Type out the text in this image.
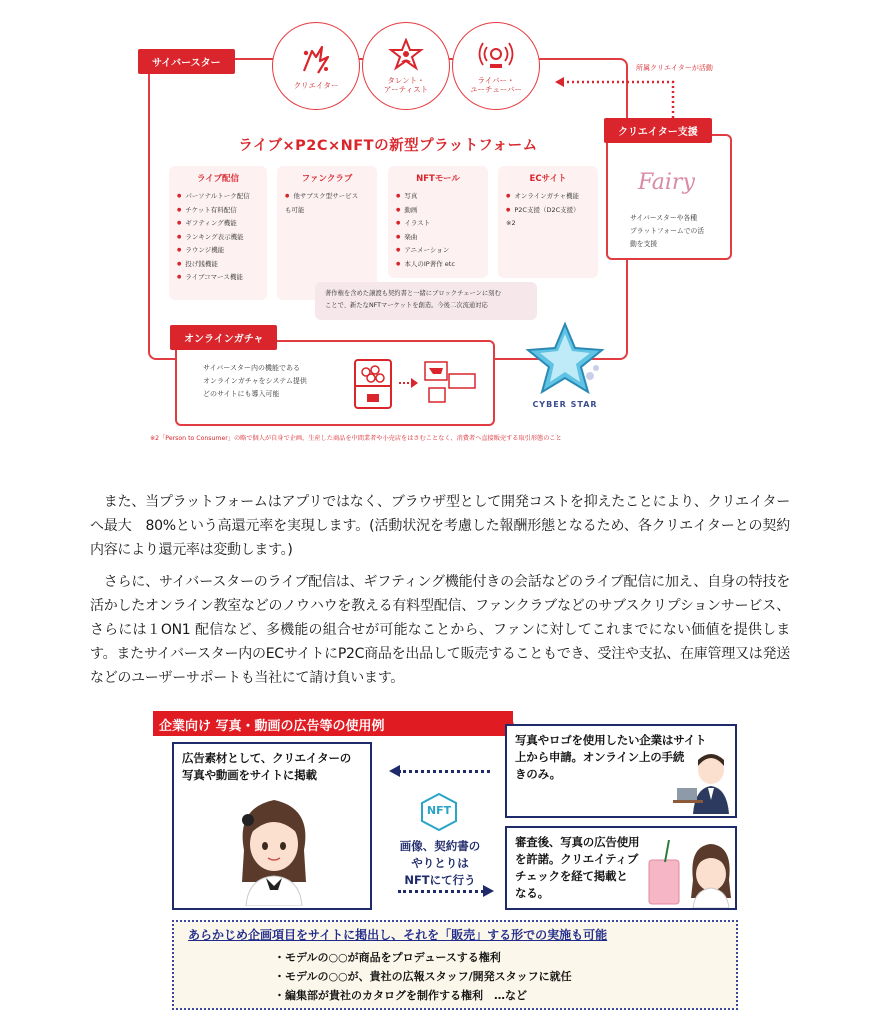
サイバースター
クリエイター	タレント・
アーティスト
ライバー・
ユーチューバー
所属クリエイターが活動
ライブ×P2C×NFTの新型プラットフォーム
ライブ配信
● パーソナルトーク配信
● チケット有料配信
● ギフティング機能
● ランキング表示機能
● ラウンジ機能
● 投げ銭機能
● ライブコマース機能
ファンクラブ
● 他サブスク型サービス
も可能
NFTモール
● 写真
● 動画
● イラスト
● 楽曲
● アニメーション
● 本人のIP著作 etc
ECサイト
● オンラインガチャ機能
● P2C支援（D2C支援）
※2
著作権を含めた譲渡も契約書と一緒にブロックチェーンに刻む
ことで、新たなNFTマーケットを創造。今後二次流通対応
Fairy
サイバースターや各種
プラットフォームでの活
動を支援
クリエイター支援
サイバースター内の機能である
オンラインガチャをシステム提供
どのサイトにも導入可能
オンラインガチャ
CYBER STAR
※2「Person to Consumer」の略で個人が自身で企画、生産した商品を中間業者や小売店をはさむことなく、消費者へ直接販売する取引形態のこと
　また、当プラットフォームはアプリではなく、ブラウザ型として開発コストを抑えたことにより、クリエイターへ最大　80%という高還元率を実現します。(活動状況を考慮した報酬形態となるため、各クリエイターとの契約内容により還元率は変動します。)
　さらに、サイバースターのライブ配信は、ギフティング機能付きの会話などのライブ配信に加え、自身の特技を活かしたオンライン教室などのノウハウを教える有料型配信、ファンクラブなどのサブスクリプションサービス、さらには１ON1 配信など、多機能の組合せが可能なことから、ファンに対してこれまでにない価値を提供します。またサイバースター内のECサイトにP2C商品を出品して販売することもでき、受注や支払、在庫管理又は発送などのユーザーサポートも当社にて請け負います。
企業向け 写真・動画の広告等の使用例
広告素材として、クリエイターの
写真や動画をサイトに掲載
写真やロゴを使用したい企業はサイト
上から申請。オンライン上の手続
きのみ。
審査後、写真の広告使用
を許諾。クリエイティブ
チェックを経て掲載と
なる。
NFT
画像、契約書の
やりとりは
NFTにて行う
あらかじめ企画項目をサイトに掲出し、それを「販売」する形での実施も可能
・モデルの○○が商品をプロデュースする権利
・モデルの○○が、貴社の広報スタッフ/開発スタッフに就任
・編集部が貴社のカタログを制作する権利　…など
